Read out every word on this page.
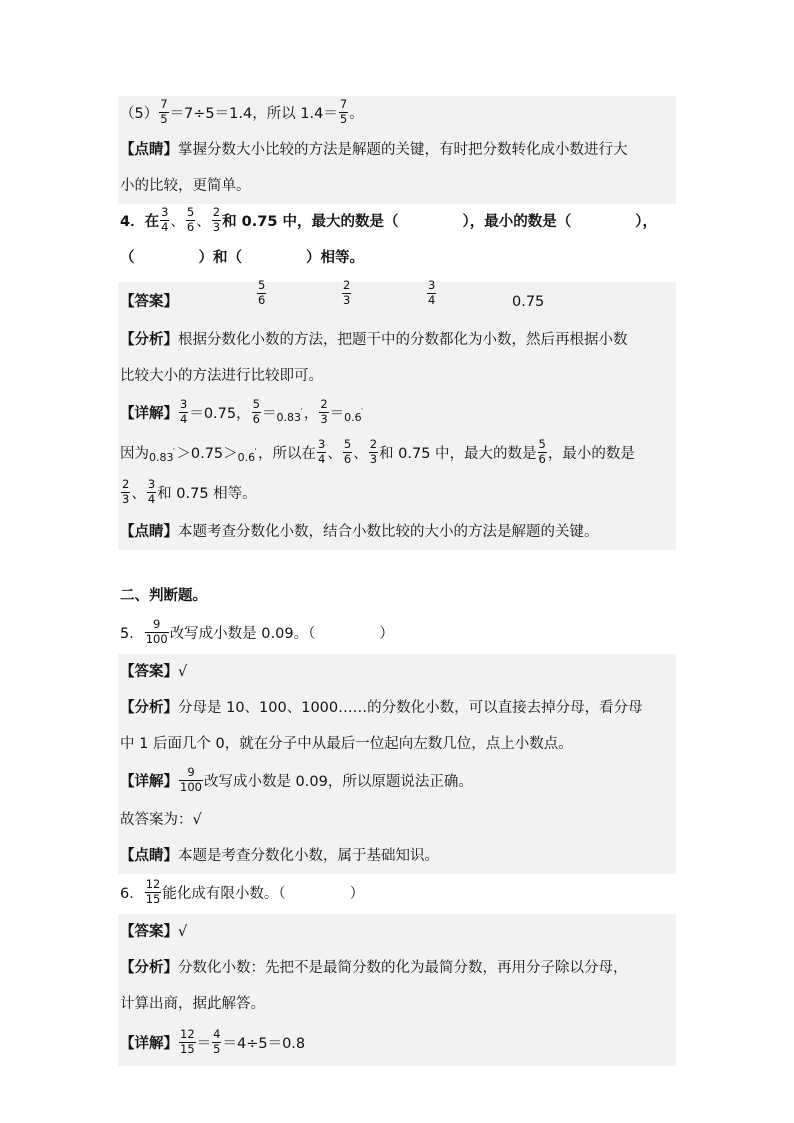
$(5) \frac{7}{5} =7\div 5=1.4$，所以 $1.4= \frac{7}{5}$ 。
【点睛】掌握分数大小比较的方法是解题的关键，有时把分数转化成小数进行大
小的比较，更简单。
4．在 $\frac{3}{4}$ 、 $\frac{5}{6}$ 、 $\frac{2}{3}$ 和 0.75 中，最大的数是（	），最小的数是（	），
（	）和（	）相等。
【答案】	$\frac{5}{6}$	$\frac{2}{3}$	$\frac{3}{4}$	0.75
【分析】根据分数化小数的方法，把题干中的分数都化为小数，然后再根据小数
比较大小的方法进行比较即可。
【详解】 $\frac{3}{4} =0.75$， $\frac{5}{6} =_{0.83^\cdot}$， $\frac{2}{3} =_{0.6^\cdot}$
因为$_{0.83^\cdot}>0.75>_{0.6^\cdot}$，所以在 $\frac{3}{4}$ 、 $\frac{5}{6}$ 、 $\frac{2}{3}$ 和 0.75 中，最大的数是 $\frac{5}{6}$ ，最小的数是
$\frac{2}{3}$ 、 $\frac{3}{4}$ 和 0.75 相等。
【点睛】本题考查分数化小数，结合小数比较的大小的方法是解题的关键。
二、判断题。
5． $\frac{9}{100}$ 改写成小数是 0.09。（	）
【答案】√
【分析】分母是 10、100、1000……的分数化小数，可以直接去掉分母，看分母
中 1 后面几个 0，就在分子中从最后一位起向左数几位，点上小数点。
【详解】 $\frac{9}{100}$ 改写成小数是 0.09，所以原题说法正确。
故答案为：√
【点睛】本题是考查分数化小数，属于基础知识。
6． $\frac{12}{15}$ 能化成有限小数。（	）
【答案】√
【分析】分数化小数：先把不是最简分数的化为最简分数，再用分子除以分母，
计算出商，据此解答。
【详解】 $\frac{12}{15} = \frac{4}{5} =4\div 5=0.8$
